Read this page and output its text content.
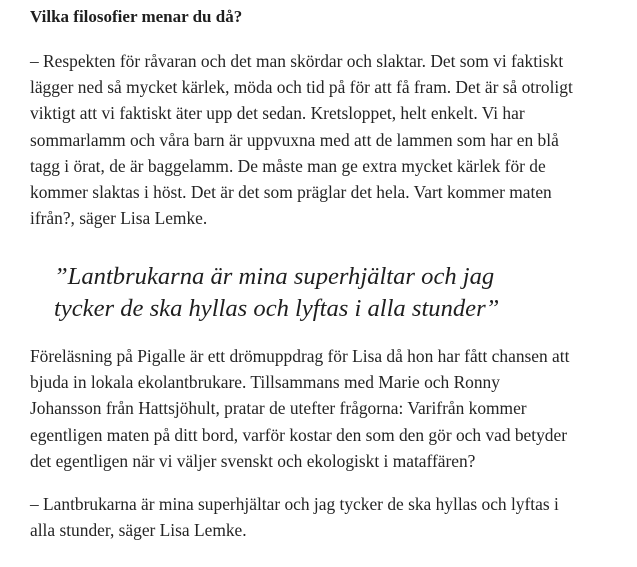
Vilka filosofier menar du då?

– Respekten för råvaran och det man skördar och slaktar. Det som vi faktiskt
lägger ned så mycket kärlek, möda och tid på för att få fram. Det är så otroligt
viktigt att vi faktiskt äter upp det sedan. Kretsloppet, helt enkelt. Vi har
sommarlamm och våra barn är uppvuxna med att de lammen som har en blå
tagg i örat, de är baggelamm. De måste man ge extra mycket kärlek för de
kommer slaktas i höst. Det är det som präglar det hela. Vart kommer maten
ifrån?, säger Lisa Lemke.

”Lantbrukarna är mina superhjältar och jag
tycker de ska hyllas och lyftas i alla stunder”

Föreläsning på Pigalle är ett drömuppdrag för Lisa då hon har fått chansen att
bjuda in lokala ekolantbrukare. Tillsammans med Marie och Ronny
Johansson från Hattsjöhult, pratar de utefter frågorna: Varifrån kommer
egentligen maten på ditt bord, varför kostar den som den gör och vad betyder
det egentligen när vi väljer svenskt och ekologiskt i mataffären?

– Lantbrukarna är mina superhjältar och jag tycker de ska hyllas och lyftas i
alla stunder, säger Lisa Lemke.
